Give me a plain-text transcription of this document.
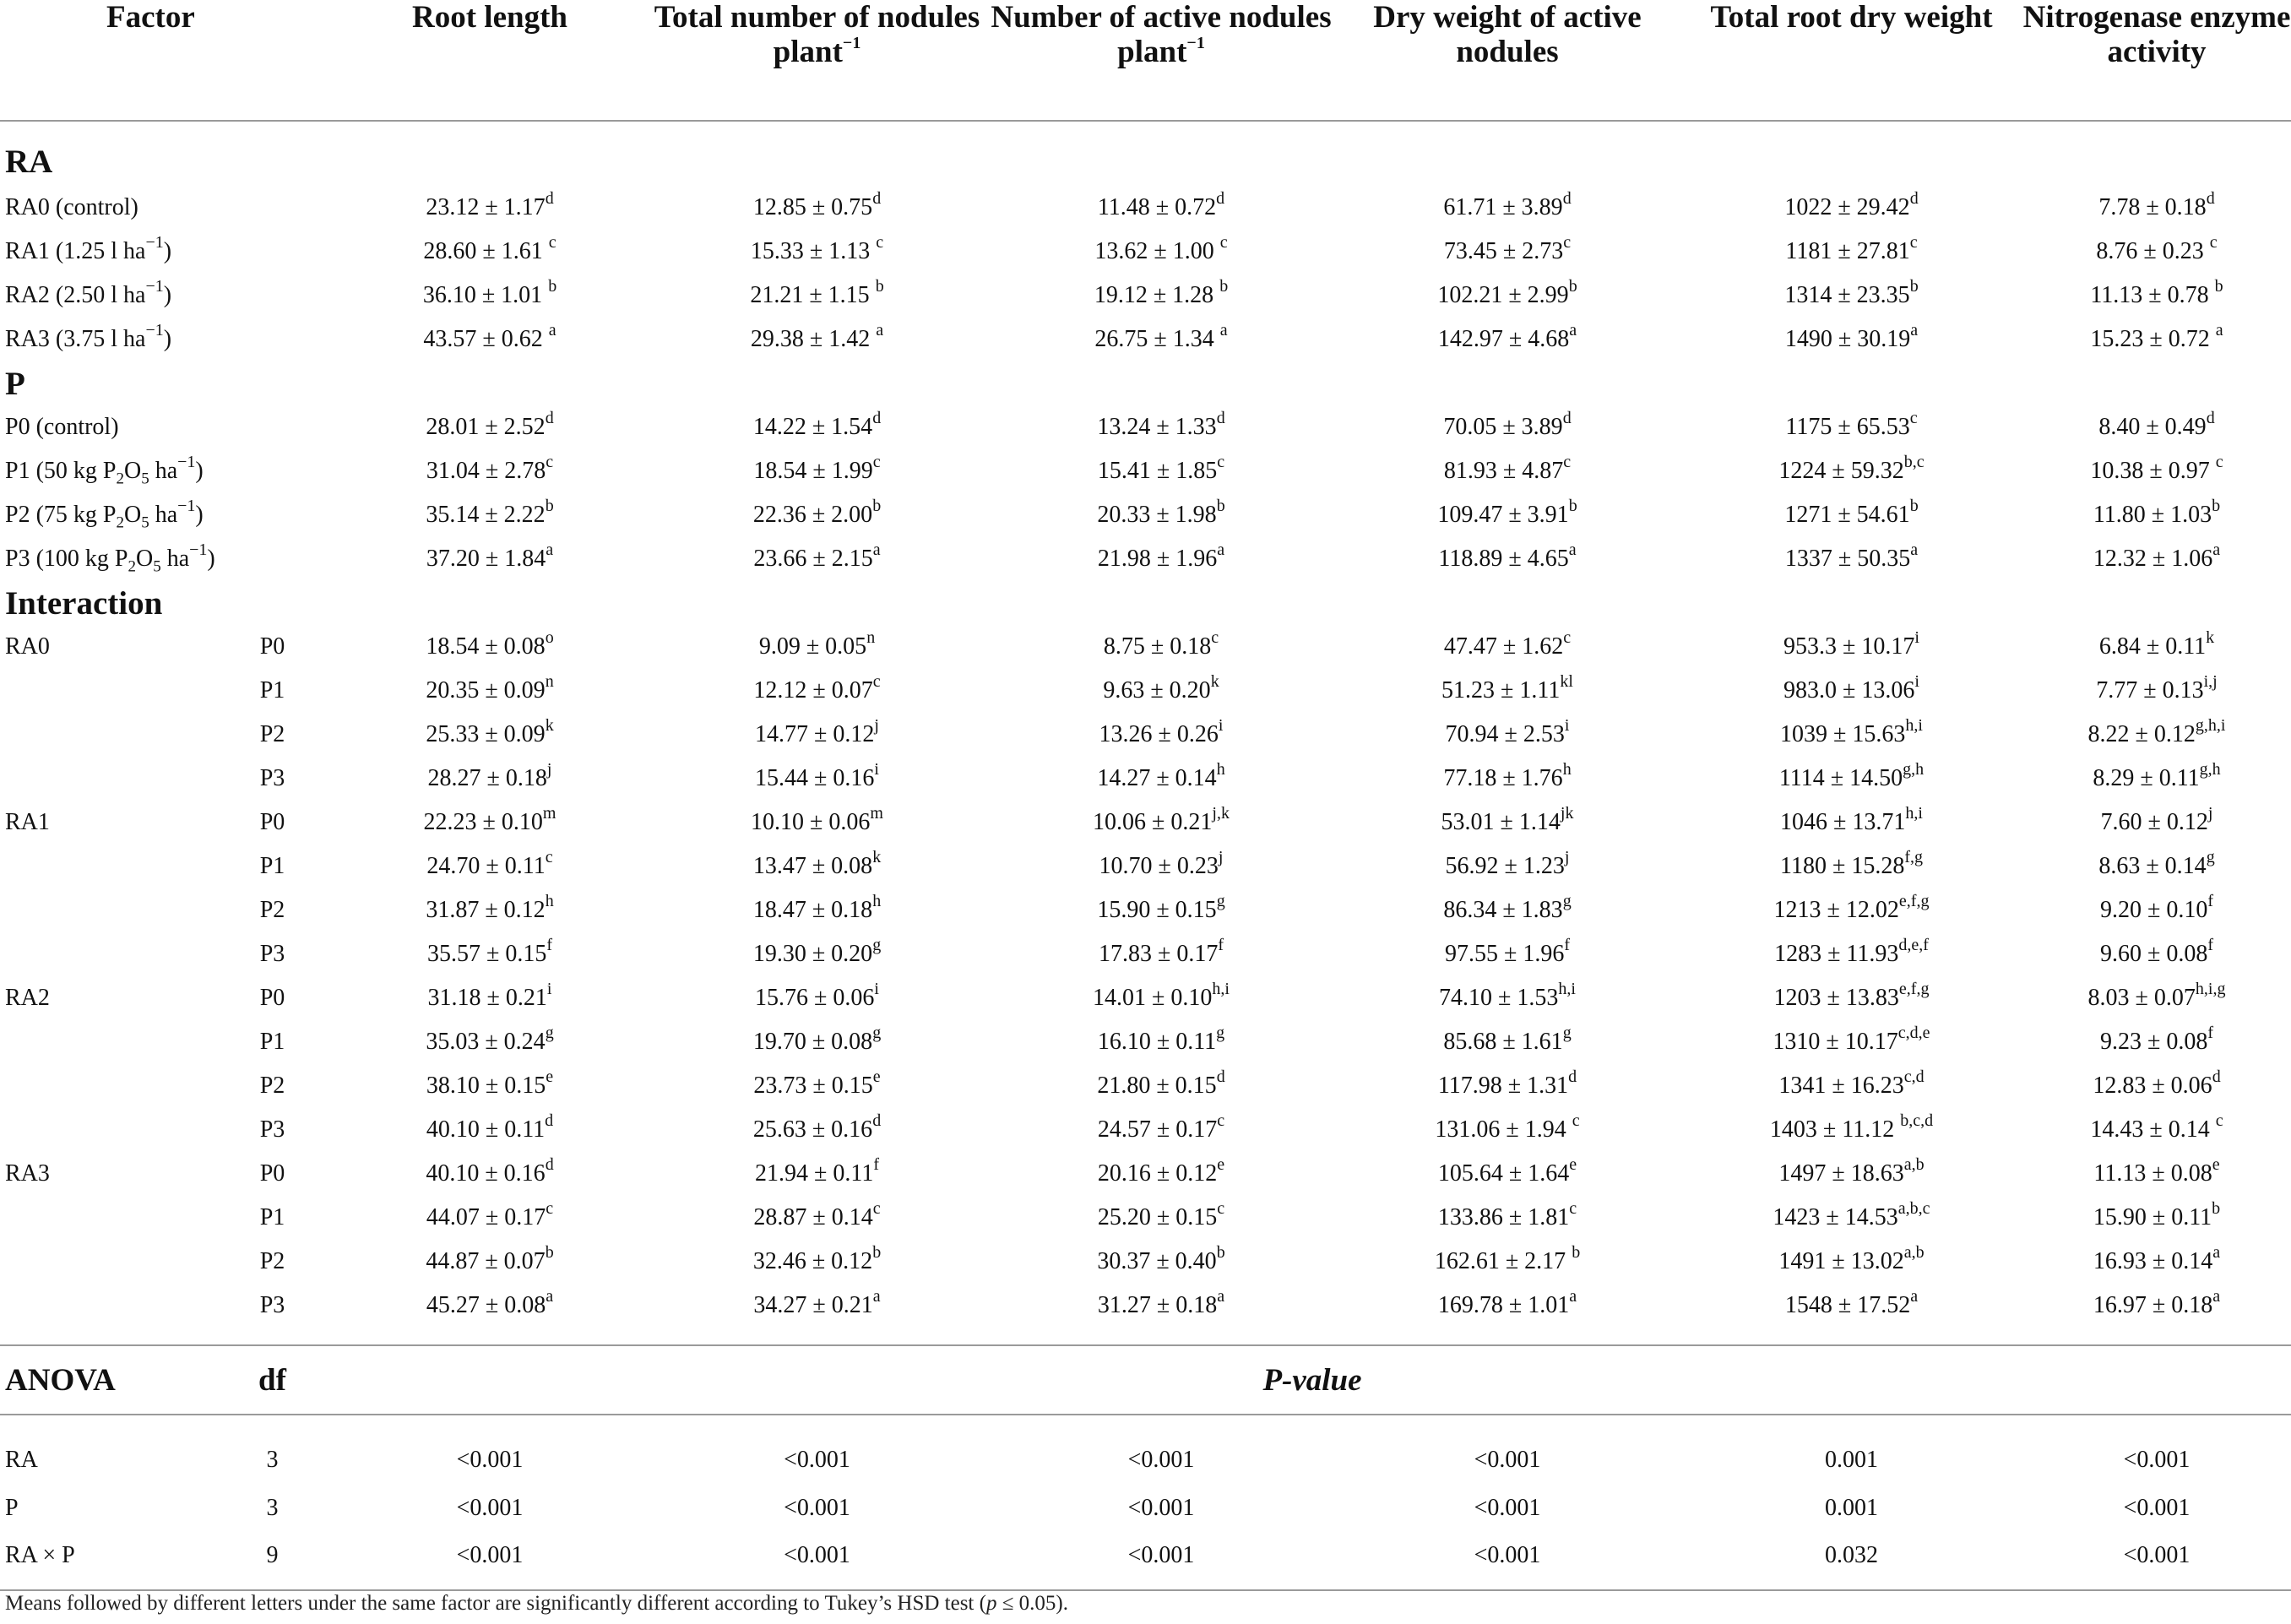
Factor		Root length	Total number of nodules plant$^{-1}$	Number of active nodules plant$^{-1}$	Dry weight of active nodules	Total root dry weight	Nitrogenase enzyme activity
RA							
RA0 (control)		23.12 ± 1.17$^d$	12.85 ± 0.75$^d$	11.48 ± 0.72$^d$	61.71 ± 3.89$^d$	1022 ± 29.42$^d$	7.78 ± 0.18$^d$
RA1 (1.25 l $ha^{-1}$)		28.60 ± 1.61 $^c$	15.33 ± 1.13 $^c$	13.62 ± 1.00 $^c$	73.45 ± 2.73$^c$	1181 ± 27.81$^c$	8.76 ± 0.23 $^c$
RA2 (2.50 l $ha^{-1}$)		36.10 ± 1.01 $^b$	21.21 ± 1.15 $^b$	19.12 ± 1.28 $^b$	102.21 ± 2.99$^b$	1314 ± 23.35$^b$	11.13 ± 0.78 $^b$
RA3 (3.75 l $ha^{-1}$)		43.57 ± 0.62 $^a$	29.38 ± 1.42 $^a$	26.75 ± 1.34 $^a$	142.97 ± 4.68$^a$	1490 ± 30.19$^a$	15.23 ± 0.72 $^a$
P							
P0 (control)		28.01 ± 2.52$^d$	14.22 ± 1.54$^d$	13.24 ± 1.33$^d$	70.05 ± 3.89$^d$	1175 ± 65.53$^c$	8.40 ± 0.49$^d$
P1 (50 kg $P_2O_5$ $ha^{-1}$)		31.04 ± 2.78$^c$	18.54 ± 1.99$^c$	15.41 ± 1.85$^c$	81.93 ± 4.87$^c$	$1224 \pm 59.32^{b,c}$	10.38 ± 0.97 $^c$
P2 (75 kg $P_2O_5$ $ha^{-1}$)		35.14 ± 2.22$^b$	22.36 ± 2.00$^b$	20.33 ± 1.98$^b$	109.47 ± 3.91$^b$	1271 ± 54.61$^b$	11.80 ± 1.03$^b$
P3 (100 kg $P_2O_5$ $ha^{-1}$)		37.20 ± 1.84$^a$	23.66 ± 2.15$^a$	21.98 ± 1.96$^a$	118.89 ± 4.65$^a$	1337 ± 50.35$^a$	12.32 ± 1.06$^a$
Interaction							
RA0	P0	$18.54 \pm 0.08^o$	$9.09 \pm 0.05^n$	8.75 ± 0.18$^c$	47.47 ± 1.62$^c$	$953.3 \pm 10.17^i$	$6.84 \pm 0.11^k$
	P1	$20.35 \pm 0.09^n$	12.12 ± 0.07$^c$	$9.63 \pm 0.20^k$	$51.23 \pm 1.11^{kl}$	$983.0 \pm 13.06^i$	$7.77 \pm 0.13^{i,j}$
	P2	$25.33 \pm 0.09^k$	$14.77 \pm 0.12^j$	$13.26 \pm 0.26^i$	$70.94 \pm 2.53^i$	$1039 \pm 15.63^{h,i}$	$8.22 \pm 0.12^{g,h,i}$
	P3	$28.27 \pm 0.18^j$	$15.44 \pm 0.16^i$	14.27 ± 0.14$^h$	77.18 ± 1.76$^h$	$1114 \pm 14.50^{g,h}$	$8.29 \pm 0.11^{g,h}$
RA1	P0	$22.23 \pm 0.10^m$	$10.10 \pm 0.06^m$	$10.06 \pm 0.21^{j,k}$	$53.01 \pm 1.14^{jk}$	$1046 \pm 13.71^{h,i}$	$7.60 \pm 0.12^j$
	P1	24.70 ± 0.11$^c$	$13.47 \pm 0.08^k$	$10.70 \pm 0.23^j$	$56.92 \pm 1.23^j$	$1180 \pm 15.28^{f,g}$	8.63 ± 0.14$^g$
	P2	31.87 ± 0.12$^h$	18.47 ± 0.18$^h$	15.90 ± 0.15$^g$	86.34 ± 1.83$^g$	$1213 \pm 12.02^{e,f,g}$	9.20 ± 0.10$^f$
	P3	35.57 ± 0.15$^f$	19.30 ± 0.20$^g$	17.83 ± 0.17$^f$	97.55 ± 1.96$^f$	$1283 \pm 11.93^{d,e,f}$	9.60 ± 0.08$^f$
RA2	P0	$31.18 \pm 0.21^i$	$15.76 \pm 0.06^i$	$14.01 \pm 0.10^{h,i}$	$74.10 \pm 1.53^{h,i}$	$1203 \pm 13.83^{e,f,g}$	$8.03 \pm 0.07^{h,i,g}$
	P1	35.03 ± 0.24$^g$	19.70 ± 0.08$^g$	16.10 ± 0.11$^g$	85.68 ± 1.61$^g$	$1310 \pm 10.17^{c,d,e}$	9.23 ± 0.08$^f$
	P2	38.10 ± 0.15$^e$	23.73 ± 0.15$^e$	21.80 ± 0.15$^d$	117.98 ± 1.31$^d$	$1341 \pm 16.23^{c,d}$	12.83 ± 0.06$^d$
	P3	40.10 ± 0.11$^d$	25.63 ± 0.16$^d$	24.57 ± 0.17$^c$	131.06 ± 1.94 $^c$	1403 ± 11.12 $^{b,c,d}$	14.43 ± 0.14 $^c$
RA3	P0	40.10 ± 0.16$^d$	21.94 ± 0.11$^f$	20.16 ± 0.12$^e$	105.64 ± 1.64$^e$	$1497 \pm 18.63^{a,b}$	11.13 ± 0.08$^e$
	P1	44.07 ± 0.17$^c$	28.87 ± 0.14$^c$	25.20 ± 0.15$^c$	133.86 ± 1.81$^c$	$1423 \pm 14.53^{a,b,c}$	15.90 ± 0.11$^b$
	P2	44.87 ± 0.07$^b$	32.46 ± 0.12$^b$	30.37 ± 0.40$^b$	162.61 ± 2.17 $^b$	$1491 \pm 13.02^{a,b}$	16.93 ± 0.14$^a$
	P3	45.27 ± 0.08$^a$	34.27 ± 0.21$^a$	31.27 ± 0.18$^a$	169.78 ± 1.01$^a$	1548 ± 17.52$^a$	16.97 ± 0.18$^a$

ANOVA	df	P-value					
RA	3	<0.001	<0.001	<0.001	<0.001	0.001	<0.001
P	3	<0.001	<0.001	<0.001	<0.001	0.001	<0.001
RA × P	9	<0.001	<0.001	<0.001	<0.001	0.032	<0.001
Means followed by different letters under the same factor are significantly different according to Tukey’s HSD test (p ≤ 0.05).
